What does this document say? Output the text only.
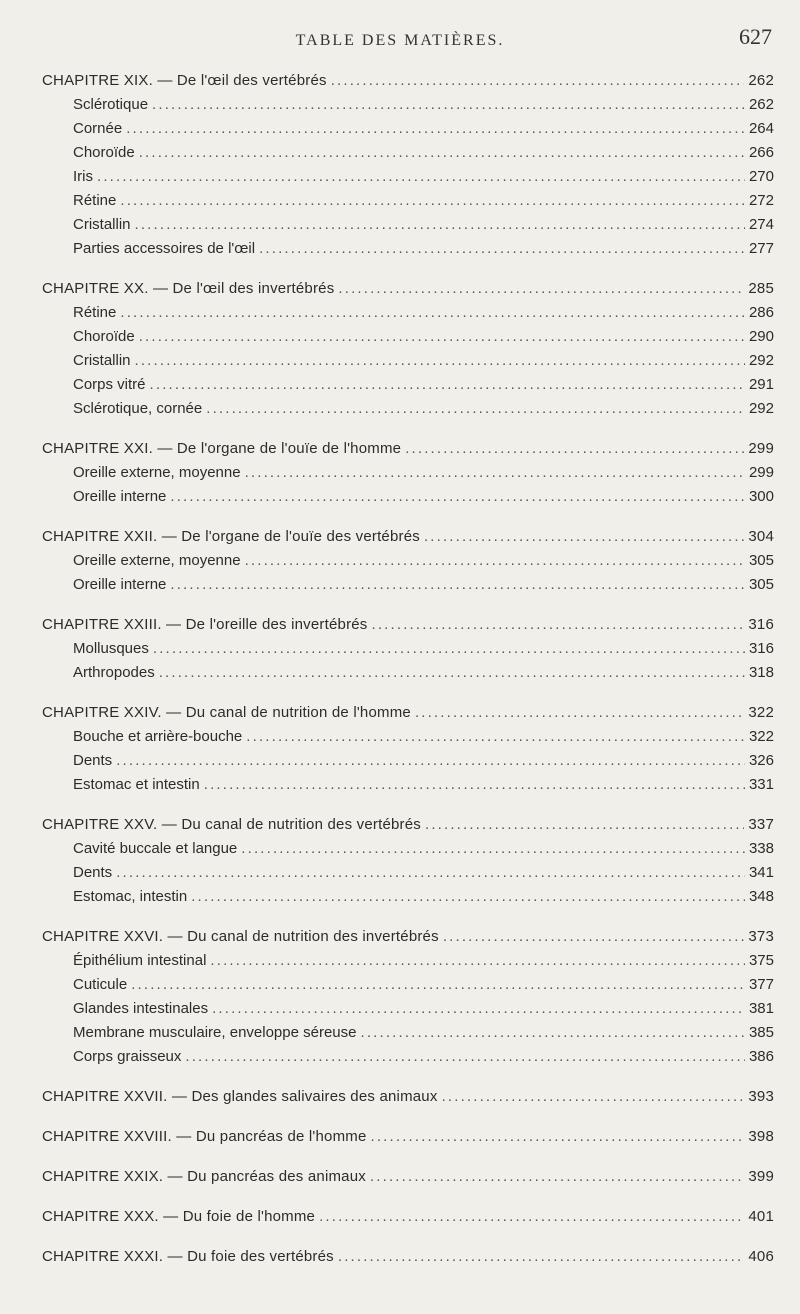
TABLE DES MATIÈRES.	627
CHAPITRE XIX. — De l'œil des vertébrés . . .	262
Sclérotique . . .	262
Cornée . . .	264
Choroïde . . .	266
Iris . . .	270
Rétine . . .	272
Cristallin . . .	274
Parties accessoires de l'œil . . .	277
CHAPITRE XX. — De l'œil des invertébrés . . .	285
Rétine . . .	286
Choroïde . . .	290
Cristallin . . .	292
Corps vitré . . .	291
Sclérotique, cornée . . .	292
CHAPITRE XXI. — De l'organe de l'ouïe de l'homme . . .	299
Oreille externe, moyenne . . .	299
Oreille interne . . .	300
CHAPITRE XXII. — De l'organe de l'ouïe des vertébrés . . .	304
Oreille externe, moyenne . . .	305
Oreille interne . . .	305
CHAPITRE XXIII. — De l'oreille des invertébrés . . .	316
Mollusques . . .	316
Arthropodes . . .	318
CHAPITRE XXIV. — Du canal de nutrition de l'homme . . .	322
Bouche et arrière-bouche . . .	322
Dents . . .	326
Estomac et intestin . . .	331
CHAPITRE XXV. — Du canal de nutrition des vertébrés . . .	337
Cavité buccale et langue . . .	338
Dents . . .	341
Estomac, intestin . . .	348
CHAPITRE XXVI. — Du canal de nutrition des invertébrés . . .	373
Épithélium intestinal . . .	375
Cuticule . . .	377
Glandes intestinales . . .	381
Membrane musculaire, enveloppe séreuse . . .	385
Corps graisseux . . .	386
CHAPITRE XXVII. — Des glandes salivaires des animaux . . .	393
CHAPITRE XXVIII. — Du pancréas de l'homme . . .	398
CHAPITRE XXIX. — Du pancréas des animaux . . .	399
CHAPITRE XXX. — Du foie de l'homme . . .	401
CHAPITRE XXXI. — Du foie des vertébrés . . .	406
